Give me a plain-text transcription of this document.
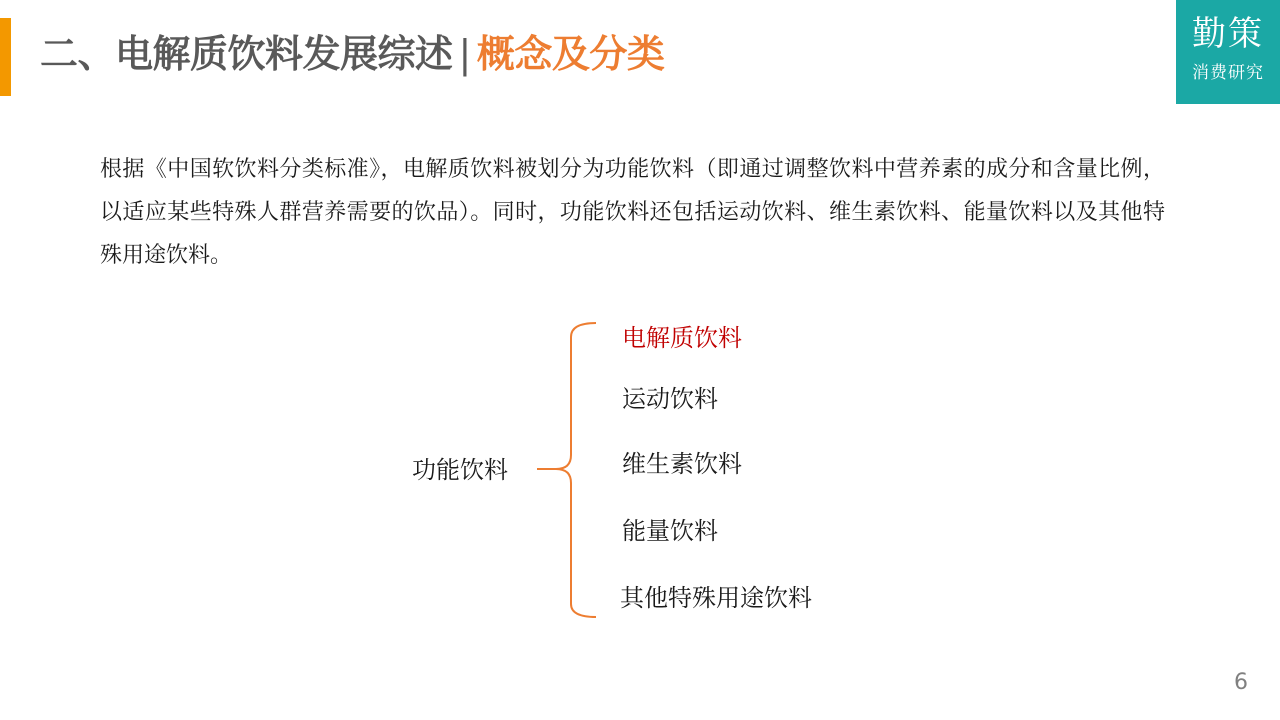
二、电解质饮料发展综述 | 概念及分类	勤策
消费研究
根据《中国软饮料分类标准》，电解质饮料被划分为功能饮料（即通过调整饮料中营养素的成分和含量比例，以适应某些特殊人群营养需要的饮品）。同时，功能饮料还包括运动饮料、维生素饮料、能量饮料以及其他特殊用途饮料。
功能饮料
电解质饮料
运动饮料
维生素饮料
能量饮料
其他特殊用途饮料
6
